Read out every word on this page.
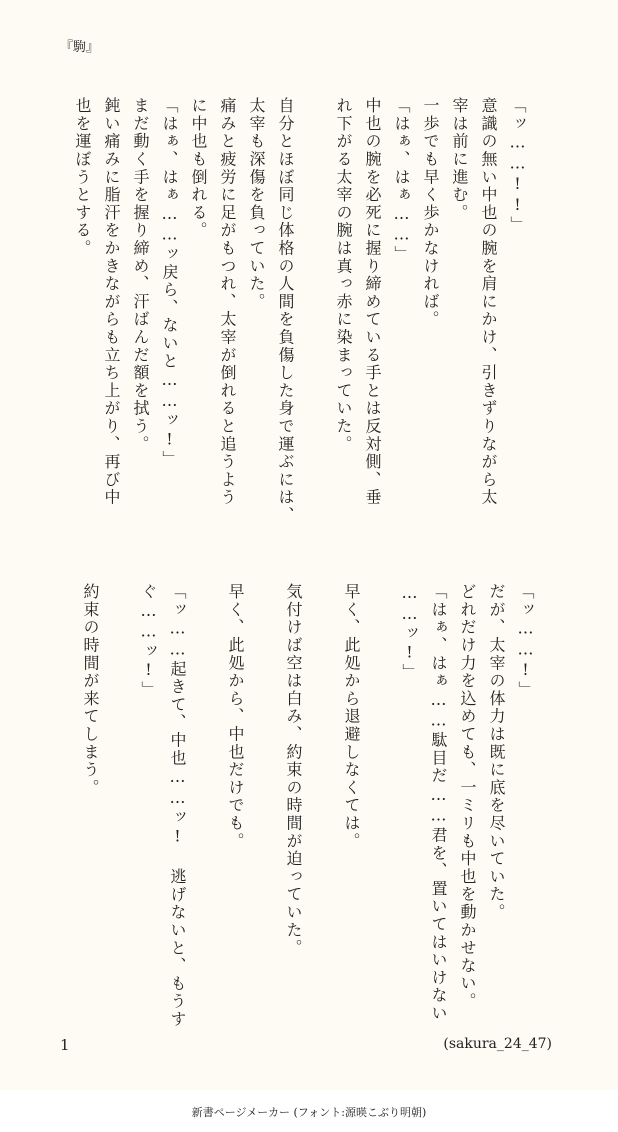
『駒』
「ッ……!!」
意識の無い中也の腕を肩にかけ、引きずりながら太
宰は前に進む。
一歩でも早く歩かなければ。
「はぁ、はぁ……」
中也の腕を必死に握り締めている手とは反対側、垂
れ下がる太宰の腕は真っ赤に染まっていた。
自分とほぼ同じ体格の人間を負傷した身で運ぶには、
太宰も深傷を負っていた。
痛みと疲労に足がもつれ、太宰が倒れると追うよう
に中也も倒れる。
「はぁ、はぁ……ッ戻ら、ないと……ッ!」
まだ動く手を握り締め、汗ばんだ額を拭う。
鈍い痛みに脂汗をかきながらも立ち上がり、再び中
也を運ぼうとする。
「ッ……!」
だが、太宰の体力は既に底を尽いていた。
どれだけ力を込めても、一ミリも中也を動かせない。
「はぁ、はぁ……駄目だ……君を、置いてはいけない
……ッ!」
早く、此処から退避しなくては。
気付けば空は白み、約束の時間が迫っていた。
早く、此処から、中也だけでも。
「ッ……起きて、中也……ッ! 逃げないと、もうす
ぐ……ッ!」
約束の時間が来てしまう。
1	(sakura_24_47)
新書ページメーカー (フォント:源暎こぶり明朝)
